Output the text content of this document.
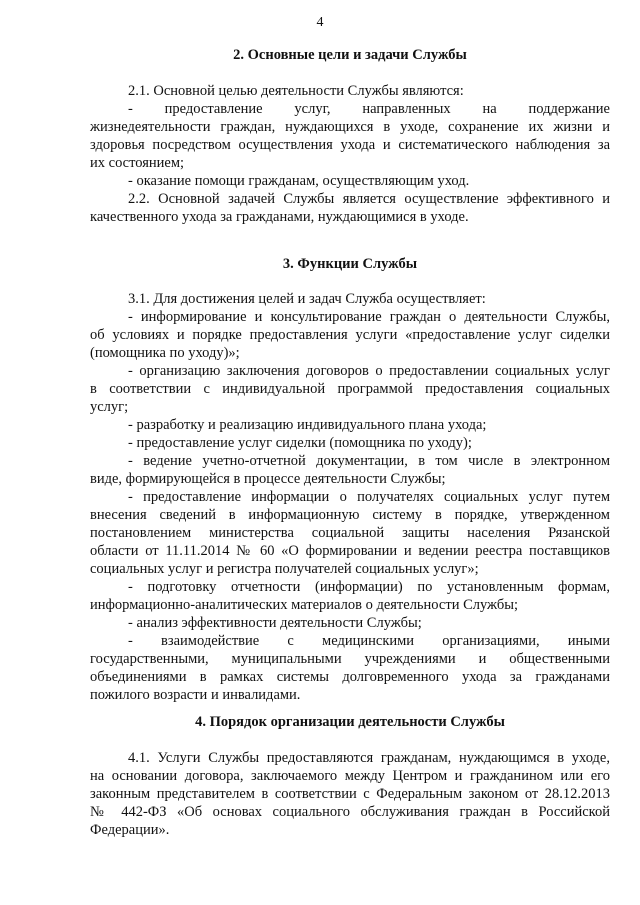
4
2. Основные цели и задачи Службы
2.1. Основной целью деятельности Службы являются:
- предоставление услуг, направленных на поддержание
жизнедеятельности граждан, нуждающихся в уходе, сохранение их жизни и
здоровья посредством осуществления ухода и систематического наблюдения за
их состоянием;
- оказание помощи гражданам, осуществляющим уход.
2.2. Основной задачей Службы является осуществление эффективного и
качественного ухода за гражданами, нуждающимися в уходе.
3. Функции Службы
3.1. Для достижения целей и задач Служба осуществляет:
- информирование и консультирование граждан о деятельности Службы,
об условиях и порядке предоставления услуги «предоставление услуг сиделки
(помощника по уходу)»;
- организацию заключения договоров о предоставлении социальных услуг
в соответствии с индивидуальной программой предоставления социальных
услуг;
- разработку и реализацию индивидуального плана ухода;
- предоставление услуг сиделки (помощника по уходу);
- ведение учетно-отчетной документации, в том числе в электронном
виде, формирующейся в процессе деятельности Службы;
- предоставление информации о получателях социальных услуг путем
внесения сведений в информационную систему в порядке, утвержденном
постановлением министерства социальной защиты населения Рязанской
области от 11.11.2014 № 60 «О формировании и ведении реестра поставщиков
социальных услуг и регистра получателей социальных услуг»;
- подготовку отчетности (информации) по установленным формам,
информационно-аналитических материалов о деятельности Службы;
- анализ эффективности деятельности Службы;
- взаимодействие с медицинскими организациями, иными
государственными, муниципальными учреждениями и общественными
объединениями в рамках системы долговременного ухода за гражданами
пожилого возрасти и инвалидами.
4. Порядок организации деятельности Службы
4.1. Услуги Службы предоставляются гражданам, нуждающимся в уходе,
на основании договора, заключаемого между Центром и гражданином или его
законным представителем в соответствии с Федеральным законом от 28.12.2013
№ 442-ФЗ «Об основах социального обслуживания граждан в Российской
Федерации».
